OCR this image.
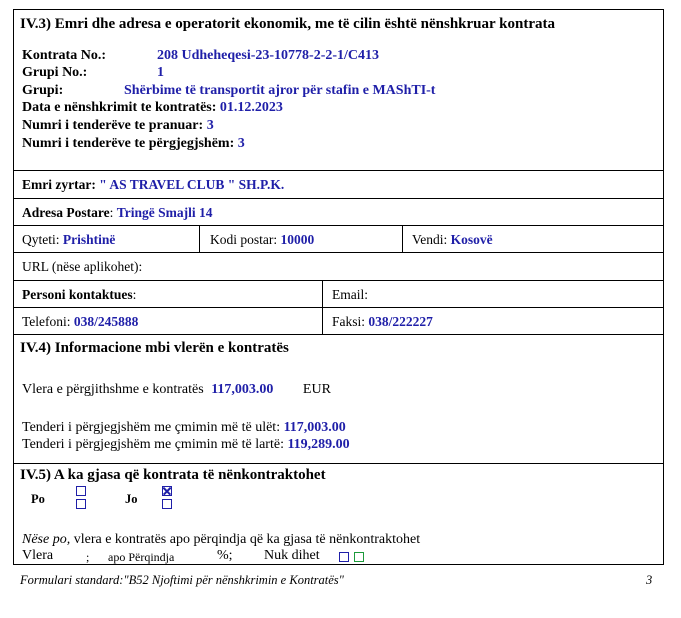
IV.3) Emri dhe adresa e operatorit ekonomik, me të cilin është nënshkruar kontrata
Kontrata No.:	208 Udheheqesi-23-10778-2-2-1/C413
Grupi No.:	1
Grupi:	Shërbime të transportit ajror për stafin e MAShTI-t
Data e nënshkrimit te kontratës: 01.12.2023
Numri i tenderëve te pranuar: 3
Numri i tenderëve te përgjegjshëm: 3
Emri zyrtar: " AS TRAVEL CLUB " SH.P.K.
Adresa Postare: Tringë Smajli 14
Qyteti: Prishtinë	Kodi postar: 10000	Vendi: Kosovë
URL (nëse aplikohet):
Personi kontaktues:	Email:
Telefoni: 038/245888	Faksi: 038/222227
IV.4) Informacione mbi vlerën e kontratës
Vlera e përgjithshme e kontratës 117,003.00 EUR
Tenderi i përgjegjshëm me çmimin më të ulët: 117,003.00
Tenderi i përgjegjshëm me çmimin më të lartë: 119,289.00
IV.5) A ka gjasa që kontrata të nënkontraktohet
Po	Jo
Nëse po, vlera e kontratës apo përqindja që ka gjasa të nënkontraktohet
Vlera	; apo Përqindja	%; Nuk dihet
Formulari standard:"B52 Njoftimi për nënshkrimin e Kontratës"	3
